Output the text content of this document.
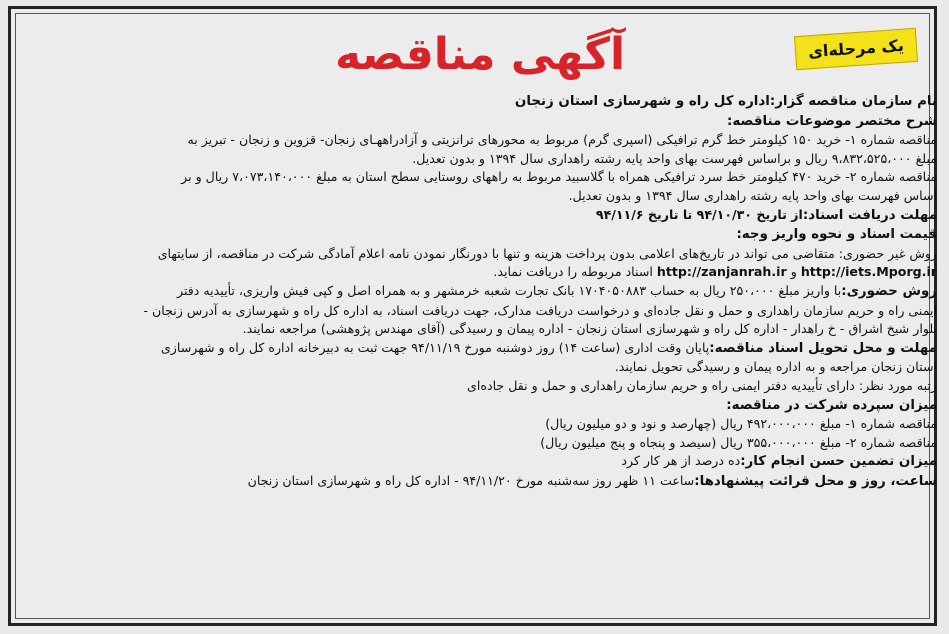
یک مرحله‌ای
آگهی مناقصه
نام سازمان مناقصه گزار:اداره کل راه و شهرسازی استان زنجان
شرح مختصر موضوعات مناقصه:
مناقصه شماره ۱- خرید ۱۵۰ کیلومتر خط گرم ترافیکی (اسپری گرم) مربوط به محورهای ترانزیتی و آزادراههـای زنجان- قزوین و زنجان - تبریز به
مبلغ ۹،۸۳۲،۵۲۵،۰۰۰ ریال و براساس فهرست بهای واحد پایه رشته راهداری سال ۱۳۹۴ و بدون تعدیل.
مناقصه شماره ۲- خرید ۴۷۰ کیلومتر خط سرد ترافیکی همراه با گلاسبید مربوط به راههای روستایی سطح استان به مبلغ ۷،۰۷۳،۱۴۰،۰۰۰ ریال و بر
اساس فهرست بهای واحد پایه رشته راهداری سال ۱۳۹۴ و بدون تعدیل.
مهلت دریافت اسناد:از تاریخ ۹۴/۱۰/۳۰ تا تاریخ ۹۴/۱۱/۶
قیمت اسناد و نحوه واریز وجه:
روش غیر حضوری: متقاضی می تواند در تاریخ‌های اعلامی بدون پرداخت هزینه و تنها با دورنگار نمودن نامه اعلام آمادگی شرکت در مناقصه، از سایتهای
http://iets.Mporg.ir و http://zanjanrah.ir اسناد مربوطه را دریافت نماید.
روش حضوری:با واریز مبلغ ۲۵۰،۰۰۰ ریال به حساب ۱۷۰۴۰۵۰۸۸۳ بانک تجارت شعبه خرمشهر و به همراه اصل و کپی فیش واریزی، تأییدیه دفتر
ایمنی راه و حریم سازمان راهداری و حمل و نقل جاده‌ای و درخواست دریافت مدارک، جهت دریافت اسناد، به اداره کل راه و شهرسازی به آدرس زنجان -
بلوار شیخ اشراق - خ راهدار - اداره کل راه و شهرسازی استان زنجان - اداره پیمان و رسیدگی (آقای مهندس پژوهشی) مراجعه نمایند.
مهلت و محل تحویل اسناد مناقصه:پایان وقت اداری (ساعت ۱۴) روز دوشنبه مورخ ۹۴/۱۱/۱۹ جهت ثبت به دبیرخانه اداره کل راه و شهرسازی
استان زنجان مراجعه و به اداره پیمان و رسیدگی تحویل نمایند.
رتبه مورد نظر: دارای تأییدیه دفتر ایمنی راه و حریم سازمان راهداری و حمل و نقل جاده‌ای
میزان سپرده شرکت در مناقصه:
مناقصه شماره ۱- مبلغ ۴۹۲،۰۰۰،۰۰۰ ریال (چهارصد و نود و دو میلیون ریال)
مناقصه شماره ۲- مبلغ ۳۵۵،۰۰۰،۰۰۰ ریال (سیصد و پنجاه و پنج میلیون ریال)
میزان تضمین حسن انجام کار:ده درصد از هر کار کرد
ساعت، روز و محل قرائت پیشنهادها:ساعت ۱۱ ظهر روز سه‌شنبه مورخ ۹۴/۱۱/۲۰ - اداره کل راه و شهرسازی استان زنجان
